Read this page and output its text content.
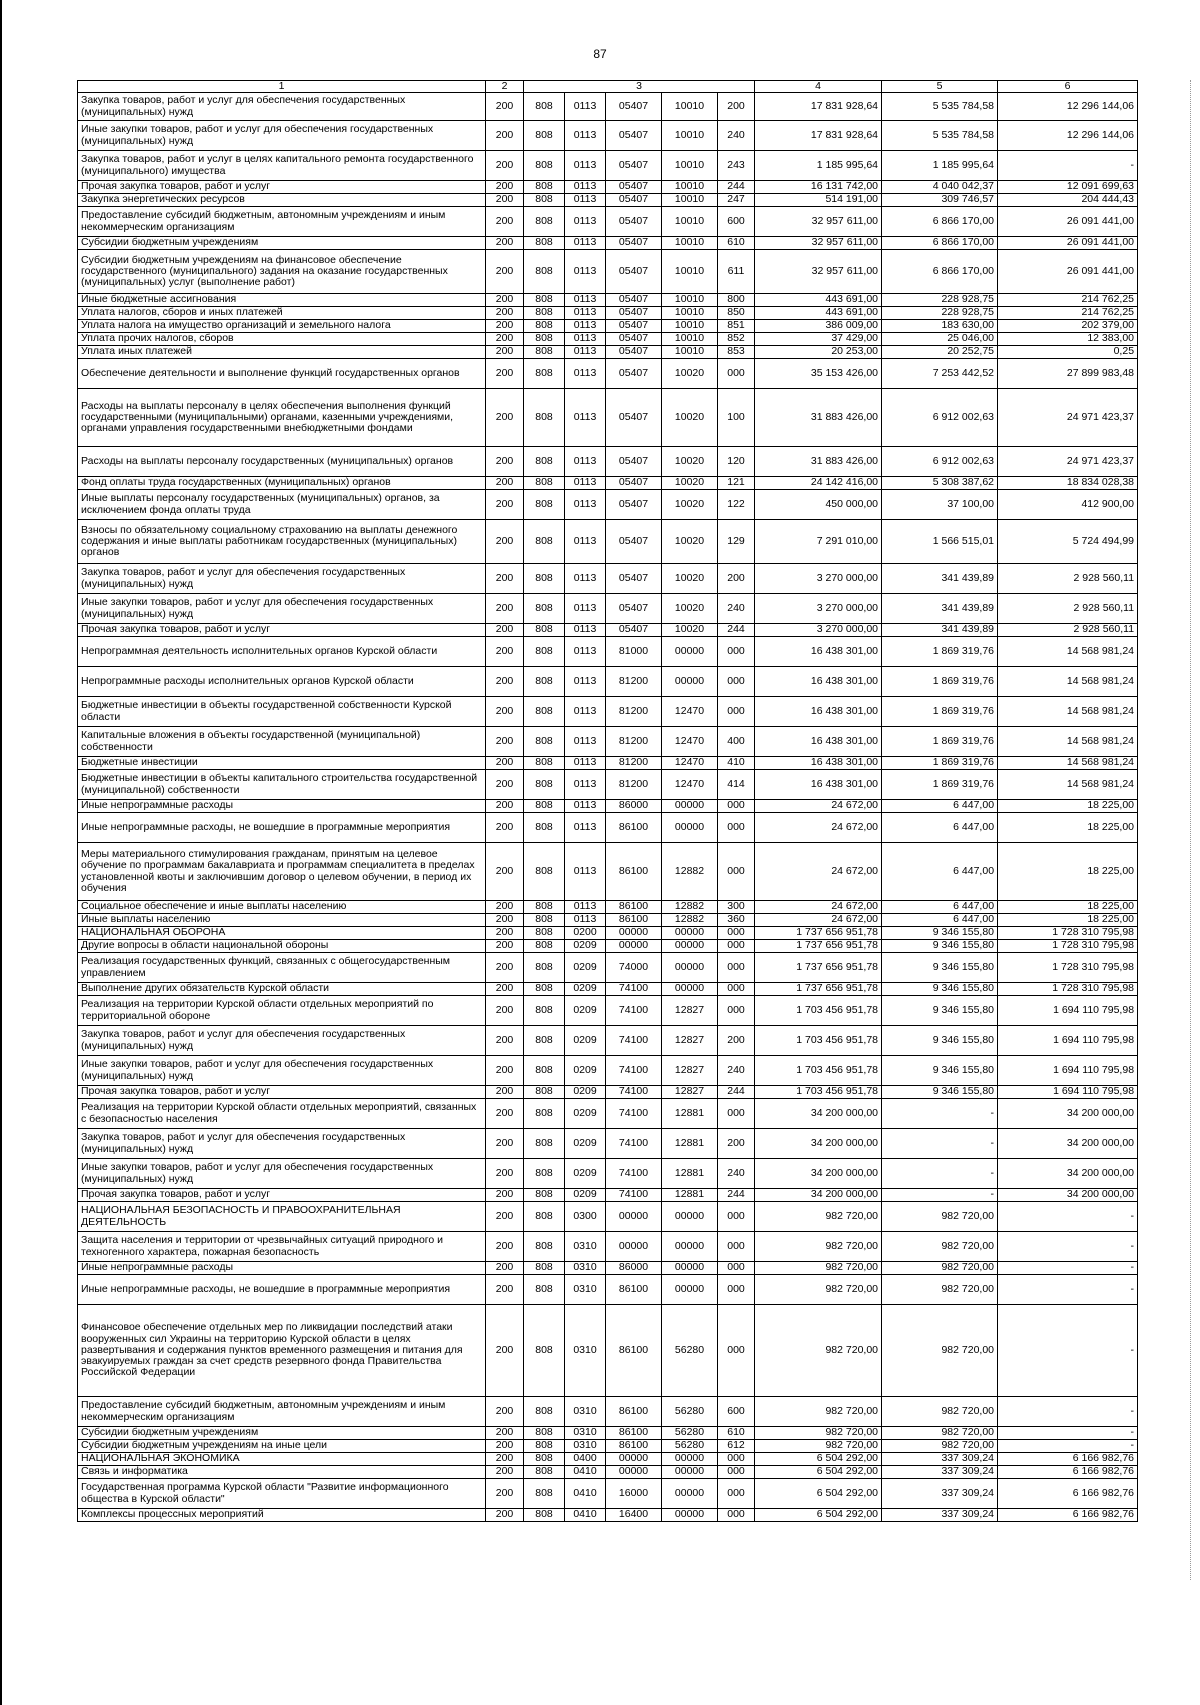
87
1	2	3					4	5	6
Закупка товаров, работ и услуг для обеспечения государственных (муниципальных) нужд	200	808	0113	05407	10010	200	17 831 928,64	5 535 784,58	12 296 144,06
Иные закупки товаров, работ и услуг для обеспечения государственных (муниципальных) нужд	200	808	0113	05407	10010	240	17 831 928,64	5 535 784,58	12 296 144,06
Закупка товаров, работ и услуг в целях капитального ремонта государственного (муниципального) имущества	200	808	0113	05407	10010	243	1 185 995,64	1 185 995,64	-
Прочая закупка товаров, работ и услуг	200	808	0113	05407	10010	244	16 131 742,00	4 040 042,37	12 091 699,63
Закупка энергетических ресурсов	200	808	0113	05407	10010	247	514 191,00	309 746,57	204 444,43
Предоставление субсидий бюджетным, автономным учреждениям и иным некоммерческим организациям	200	808	0113	05407	10010	600	32 957 611,00	6 866 170,00	26 091 441,00
Субсидии бюджетным учреждениям	200	808	0113	05407	10010	610	32 957 611,00	6 866 170,00	26 091 441,00
Субсидии бюджетным учреждениям на финансовое обеспечение государственного (муниципального) задания на оказание государственных (муниципальных) услуг (выполнение работ)	200	808	0113	05407	10010	611	32 957 611,00	6 866 170,00	26 091 441,00
Иные бюджетные ассигнования	200	808	0113	05407	10010	800	443 691,00	228 928,75	214 762,25
Уплата налогов, сборов и иных платежей	200	808	0113	05407	10010	850	443 691,00	228 928,75	214 762,25
Уплата налога на имущество организаций и земельного налога	200	808	0113	05407	10010	851	386 009,00	183 630,00	202 379,00
Уплата прочих налогов, сборов	200	808	0113	05407	10010	852	37 429,00	25 046,00	12 383,00
Уплата иных платежей	200	808	0113	05407	10010	853	20 253,00	20 252,75	0,25
Обеспечение деятельности и выполнение функций государственных органов	200	808	0113	05407	10020	000	35 153 426,00	7 253 442,52	27 899 983,48
Расходы на выплаты персоналу в целях обеспечения выполнения функций государственными (муниципальными) органами, казенными учреждениями, органами управления государственными внебюджетными фондами	200	808	0113	05407	10020	100	31 883 426,00	6 912 002,63	24 971 423,37
Расходы на выплаты персоналу государственных (муниципальных) органов	200	808	0113	05407	10020	120	31 883 426,00	6 912 002,63	24 971 423,37
Фонд оплаты труда государственных (муниципальных) органов	200	808	0113	05407	10020	121	24 142 416,00	5 308 387,62	18 834 028,38
Иные выплаты персоналу государственных (муниципальных) органов, за исключением фонда оплаты труда	200	808	0113	05407	10020	122	450 000,00	37 100,00	412 900,00
Взносы по обязательному социальному страхованию на выплаты денежного содержания и иные выплаты работникам государственных (муниципальных) органов	200	808	0113	05407	10020	129	7 291 010,00	1 566 515,01	5 724 494,99
Закупка товаров, работ и услуг для обеспечения государственных (муниципальных) нужд	200	808	0113	05407	10020	200	3 270 000,00	341 439,89	2 928 560,11
Иные закупки товаров, работ и услуг для обеспечения государственных (муниципальных) нужд	200	808	0113	05407	10020	240	3 270 000,00	341 439,89	2 928 560,11
Прочая закупка товаров, работ и услуг	200	808	0113	05407	10020	244	3 270 000,00	341 439,89	2 928 560,11
Непрограммная деятельность исполнительных органов Курской области	200	808	0113	81000	00000	000	16 438 301,00	1 869 319,76	14 568 981,24
Непрограммные расходы исполнительных органов Курской области	200	808	0113	81200	00000	000	16 438 301,00	1 869 319,76	14 568 981,24
Бюджетные инвестиции в объекты государственной собственности Курской области	200	808	0113	81200	12470	000	16 438 301,00	1 869 319,76	14 568 981,24
Капитальные вложения в объекты государственной (муниципальной) собственности	200	808	0113	81200	12470	400	16 438 301,00	1 869 319,76	14 568 981,24
Бюджетные инвестиции	200	808	0113	81200	12470	410	16 438 301,00	1 869 319,76	14 568 981,24
Бюджетные инвестиции в объекты капитального строительства государственной (муниципальной) собственности	200	808	0113	81200	12470	414	16 438 301,00	1 869 319,76	14 568 981,24
Иные непрограммные расходы	200	808	0113	86000	00000	000	24 672,00	6 447,00	18 225,00
Иные непрограммные расходы, не вошедшие в программные мероприятия	200	808	0113	86100	00000	000	24 672,00	6 447,00	18 225,00
Меры материального стимулирования гражданам, принятым на целевое обучение по программам бакалавриата и программам специалитета в пределах установленной квоты и заключившим договор о целевом обучении, в период их обучения	200	808	0113	86100	12882	000	24 672,00	6 447,00	18 225,00
Социальное обеспечение и иные выплаты населению	200	808	0113	86100	12882	300	24 672,00	6 447,00	18 225,00
Иные выплаты населению	200	808	0113	86100	12882	360	24 672,00	6 447,00	18 225,00
НАЦИОНАЛЬНАЯ ОБОРОНА	200	808	0200	00000	00000	000	1 737 656 951,78	9 346 155,80	1 728 310 795,98
Другие вопросы в области национальной обороны	200	808	0209	00000	00000	000	1 737 656 951,78	9 346 155,80	1 728 310 795,98
Реализация государственных функций, связанных с общегосударственным управлением	200	808	0209	74000	00000	000	1 737 656 951,78	9 346 155,80	1 728 310 795,98
Выполнение других обязательств Курской области	200	808	0209	74100	00000	000	1 737 656 951,78	9 346 155,80	1 728 310 795,98
Реализация на территории Курской области отдельных мероприятий по территориальной обороне	200	808	0209	74100	12827	000	1 703 456 951,78	9 346 155,80	1 694 110 795,98
Закупка товаров, работ и услуг для обеспечения государственных (муниципальных) нужд	200	808	0209	74100	12827	200	1 703 456 951,78	9 346 155,80	1 694 110 795,98
Иные закупки товаров, работ и услуг для обеспечения государственных (муниципальных) нужд	200	808	0209	74100	12827	240	1 703 456 951,78	9 346 155,80	1 694 110 795,98
Прочая закупка товаров, работ и услуг	200	808	0209	74100	12827	244	1 703 456 951,78	9 346 155,80	1 694 110 795,98
Реализация на территории Курской области отдельных мероприятий, связанных с безопасностью населения	200	808	0209	74100	12881	000	34 200 000,00	-	34 200 000,00
Закупка товаров, работ и услуг для обеспечения государственных (муниципальных) нужд	200	808	0209	74100	12881	200	34 200 000,00	-	34 200 000,00
Иные закупки товаров, работ и услуг для обеспечения государственных (муниципальных) нужд	200	808	0209	74100	12881	240	34 200 000,00	-	34 200 000,00
Прочая закупка товаров, работ и услуг	200	808	0209	74100	12881	244	34 200 000,00	-	34 200 000,00
НАЦИОНАЛЬНАЯ БЕЗОПАСНОСТЬ И ПРАВООХРАНИТЕЛЬНАЯ ДЕЯТЕЛЬНОСТЬ	200	808	0300	00000	00000	000	982 720,00	982 720,00	-
Защита населения и территории от чрезвычайных ситуаций природного и техногенного характера, пожарная безопасность	200	808	0310	00000	00000	000	982 720,00	982 720,00	-
Иные непрограммные расходы	200	808	0310	86000	00000	000	982 720,00	982 720,00	-
Иные непрограммные расходы, не вошедшие в программные мероприятия	200	808	0310	86100	00000	000	982 720,00	982 720,00	-
Финансовое обеспечение отдельных мер по ликвидации последствий атаки вооруженных сил Украины на территорию Курской области в целях развертывания и содержания пунктов временного размещения и питания для эвакуируемых граждан за счет средств резервного фонда Правительства Российской Федерации	200	808	0310	86100	56280	000	982 720,00	982 720,00	-
Предоставление субсидий бюджетным, автономным учреждениям и иным некоммерческим организациям	200	808	0310	86100	56280	600	982 720,00	982 720,00	-
Субсидии бюджетным учреждениям	200	808	0310	86100	56280	610	982 720,00	982 720,00	-
Субсидии бюджетным учреждениям на иные цели	200	808	0310	86100	56280	612	982 720,00	982 720,00	-
НАЦИОНАЛЬНАЯ ЭКОНОМИКА	200	808	0400	00000	00000	000	6 504 292,00	337 309,24	6 166 982,76
Связь и информатика	200	808	0410	00000	00000	000	6 504 292,00	337 309,24	6 166 982,76
Государственная программа Курской области "Развитие информационного общества в Курской области"	200	808	0410	16000	00000	000	6 504 292,00	337 309,24	6 166 982,76
Комплексы процессных мероприятий	200	808	0410	16400	00000	000	6 504 292,00	337 309,24	6 166 982,76
